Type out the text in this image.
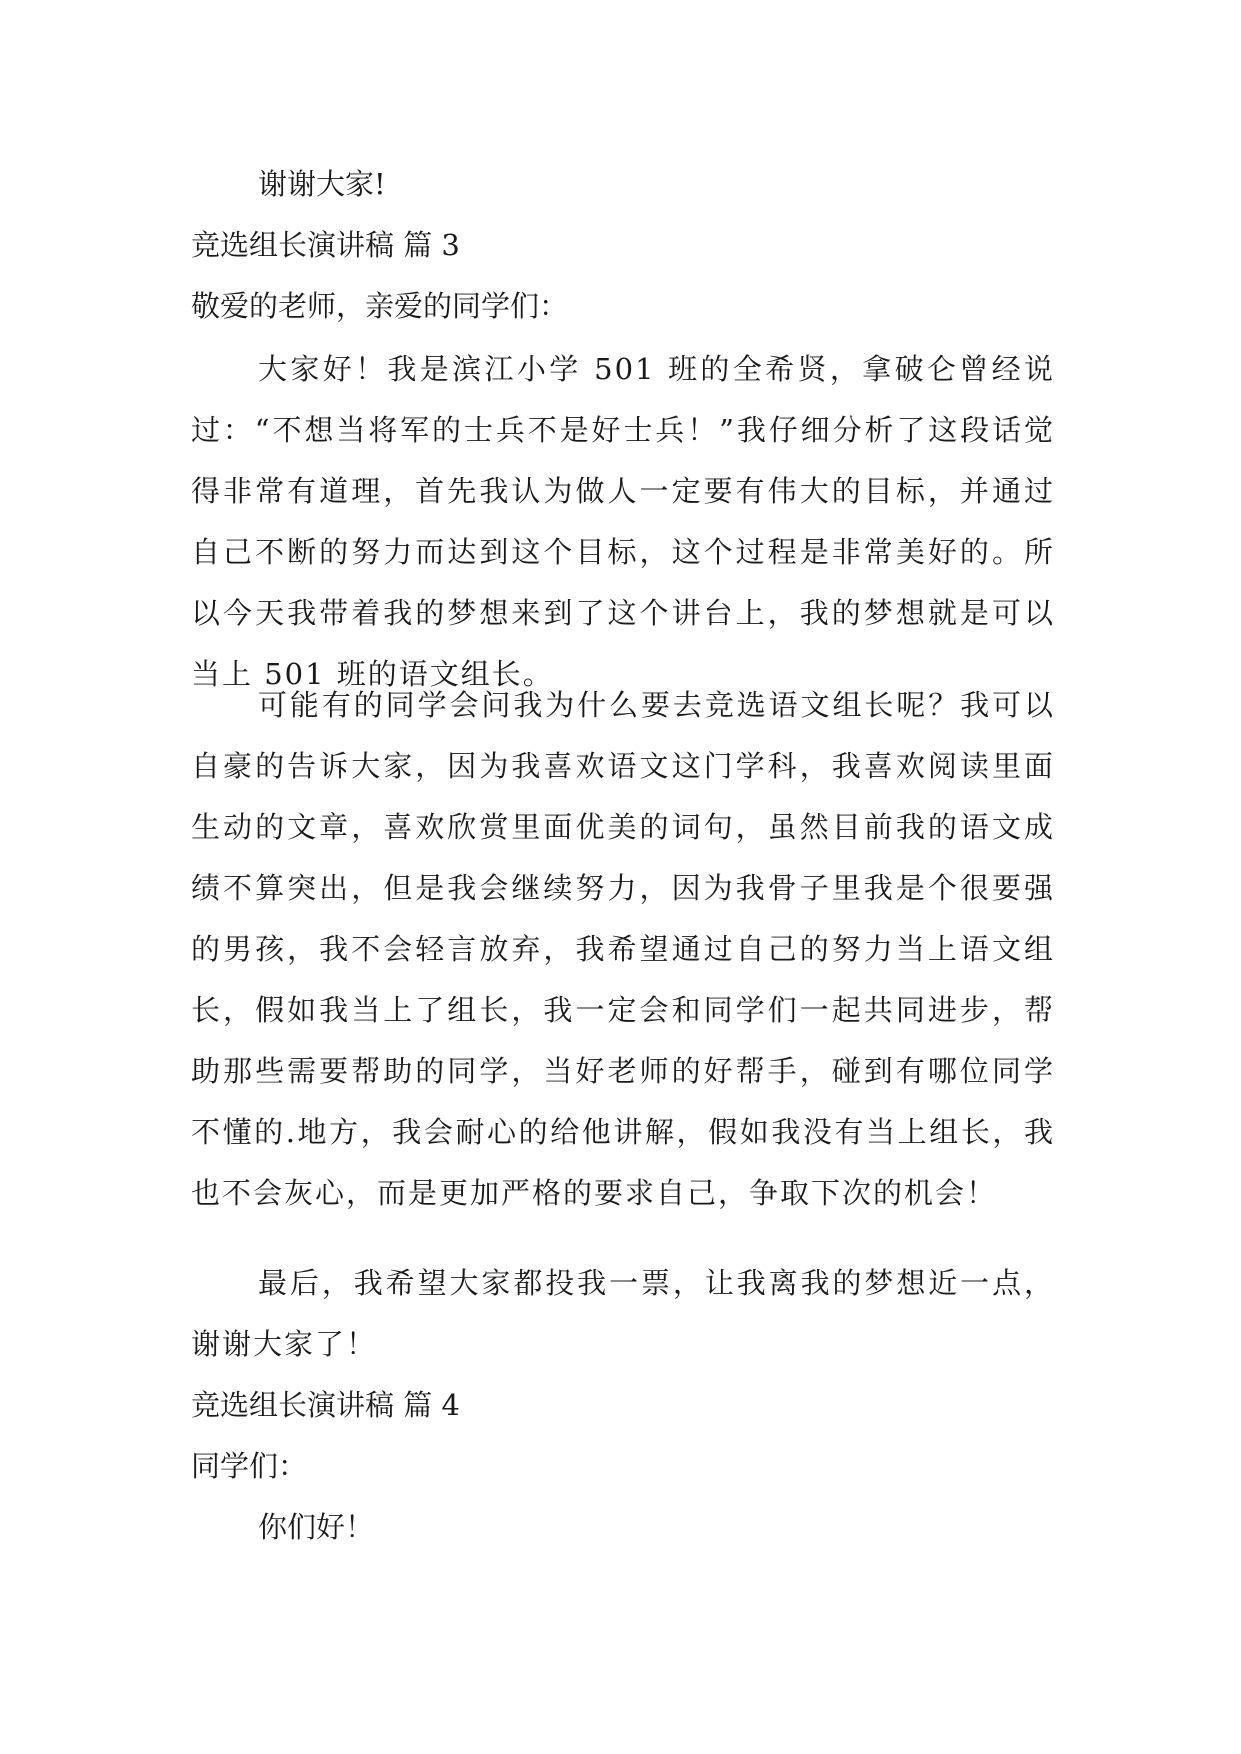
谢谢大家!

竞选组长演讲稿 篇 3

敬爱的老师，亲爱的同学们：

大家好！我是滨江小学 501 班的全希贤，拿破仑曾经说过：“不想当将军的士兵不是好士兵！”我仔细分析了这段话觉得非常有道理，首先我认为做人一定要有伟大的目标，并通过自己不断的努力而达到这个目标，这个过程是非常美好的。所以今天我带着我的梦想来到了这个讲台上，我的梦想就是可以当上 501 班的语文组长。

可能有的同学会问我为什么要去竞选语文组长呢？我可以自豪的告诉大家，因为我喜欢语文这门学科，我喜欢阅读里面生动的文章，喜欢欣赏里面优美的词句，虽然目前我的语文成绩不算突出，但是我会继续努力，因为我骨子里我是个很要强的男孩，我不会轻言放弃，我希望通过自己的努力当上语文组长，假如我当上了组长，我一定会和同学们一起共同进步，帮助那些需要帮助的同学，当好老师的好帮手，碰到有哪位同学不懂的.地方，我会耐心的给他讲解，假如我没有当上组长，我也不会灰心，而是更加严格的要求自己，争取下次的机会！

最后，我希望大家都投我一票，让我离我的梦想近一点，谢谢大家了！

竞选组长演讲稿 篇 4

同学们：

你们好！
